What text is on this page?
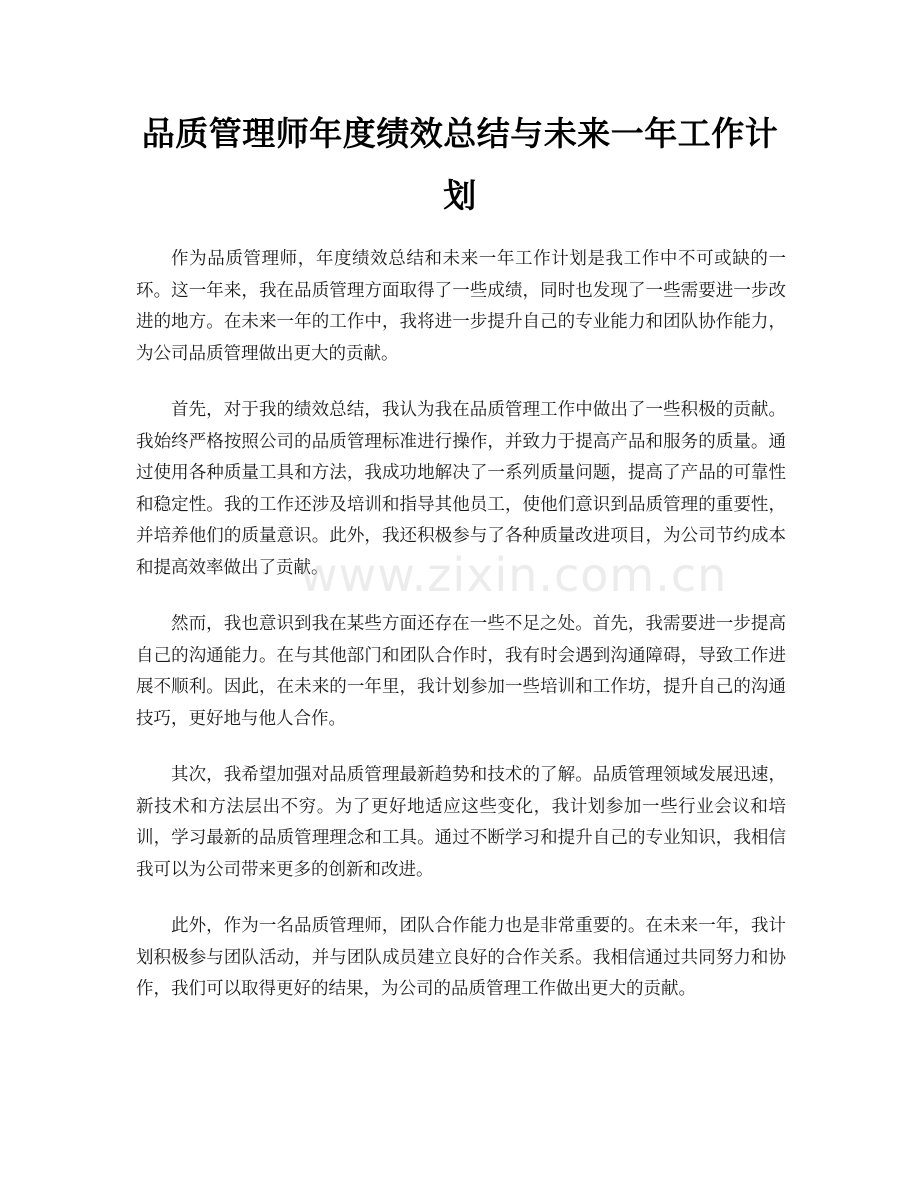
品质管理师年度绩效总结与未来一年工作计划

作为品质管理师，年度绩效总结和未来一年工作计划是我工作中不可或缺的一环。这一年来，我在品质管理方面取得了一些成绩，同时也发现了一些需要进一步改进的地方。在未来一年的工作中，我将进一步提升自己的专业能力和团队协作能力，为公司品质管理做出更大的贡献。

首先，对于我的绩效总结，我认为我在品质管理工作中做出了一些积极的贡献。我始终严格按照公司的品质管理标准进行操作，并致力于提高产品和服务的质量。通过使用各种质量工具和方法，我成功地解决了一系列质量问题，提高了产品的可靠性和稳定性。我的工作还涉及培训和指导其他员工，使他们意识到品质管理的重要性，并培养他们的质量意识。此外，我还积极参与了各种质量改进项目，为公司节约成本和提高效率做出了贡献。

然而，我也意识到我在某些方面还存在一些不足之处。首先，我需要进一步提高自己的沟通能力。在与其他部门和团队合作时，我有时会遇到沟通障碍，导致工作进展不顺利。因此，在未来的一年里，我计划参加一些培训和工作坊，提升自己的沟通技巧，更好地与他人合作。

其次，我希望加强对品质管理最新趋势和技术的了解。品质管理领域发展迅速，新技术和方法层出不穷。为了更好地适应这些变化，我计划参加一些行业会议和培训，学习最新的品质管理理念和工具。通过不断学习和提升自己的专业知识，我相信我可以为公司带来更多的创新和改进。

此外，作为一名品质管理师，团队合作能力也是非常重要的。在未来一年，我计划积极参与团队活动，并与团队成员建立良好的合作关系。我相信通过共同努力和协作，我们可以取得更好的结果，为公司的品质管理工作做出更大的贡献。

www.zixin.com.cn
